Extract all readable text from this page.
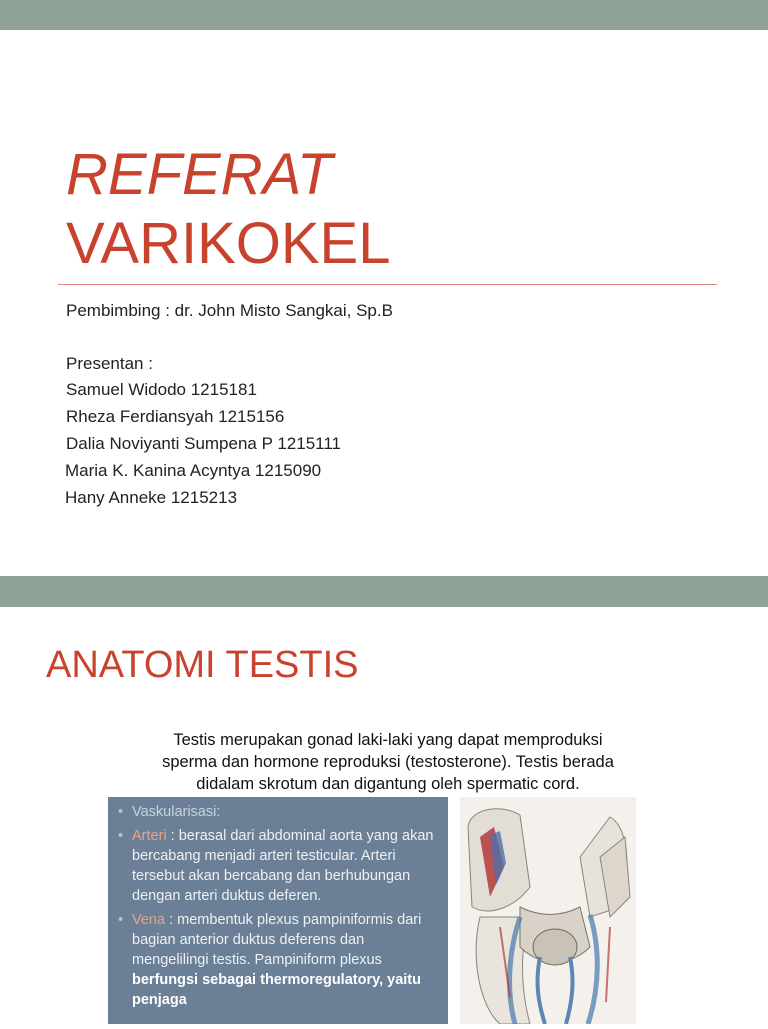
REFERAT
VARIKOKEL
Pembimbing : dr. John Misto Sangkai, Sp.B
Presentan :
Samuel Widodo 1215181
Rheza Ferdiansyah 1215156
Dalia Noviyanti Sumpena P 1215111
Maria K. Kanina Acyntya 1215090
Hany Anneke 1215213
ANATOMI TESTIS
Testis merupakan gonad laki-laki yang dapat memproduksi
sperma dan hormone reproduksi (testosterone). Testis berada
didalam skrotum dan digantung oleh spermatic cord.
• Vaskularisasi:
• Arteri : berasal dari abdominal aorta yang akan bercabang menjadi arteri testicular. Arteri tersebut akan bercabang dan berhubungan dengan arteri duktus deferen.
• Vena : membentuk plexus pampiniformis dari bagian anterior duktus deferens dan mengelilingi testis. Pampiniform plexus berfungsi sebagai thermoregulatory, yaitu penjaga
